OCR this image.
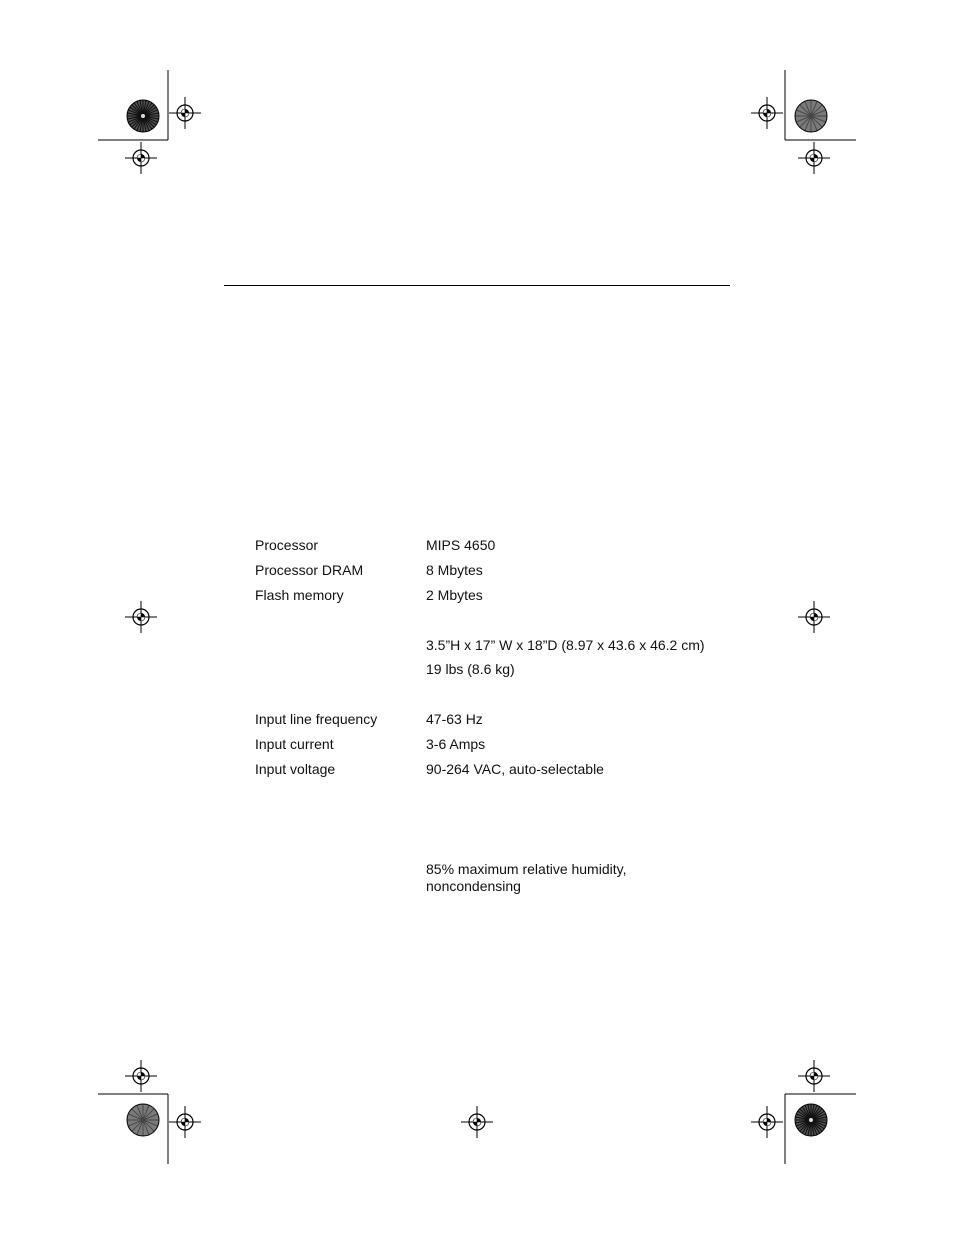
Processor	MIPS 4650
Processor DRAM	8 Mbytes
Flash memory	2 Mbytes
3.5”H x 17” W x 18”D (8.97 x 43.6 x 46.2 cm)
19 lbs (8.6 kg)
Input line frequency	47-63 Hz
Input current	3-6 Amps
Input voltage	90-264 VAC, auto-selectable
85% maximum relative humidity,
noncondensing
